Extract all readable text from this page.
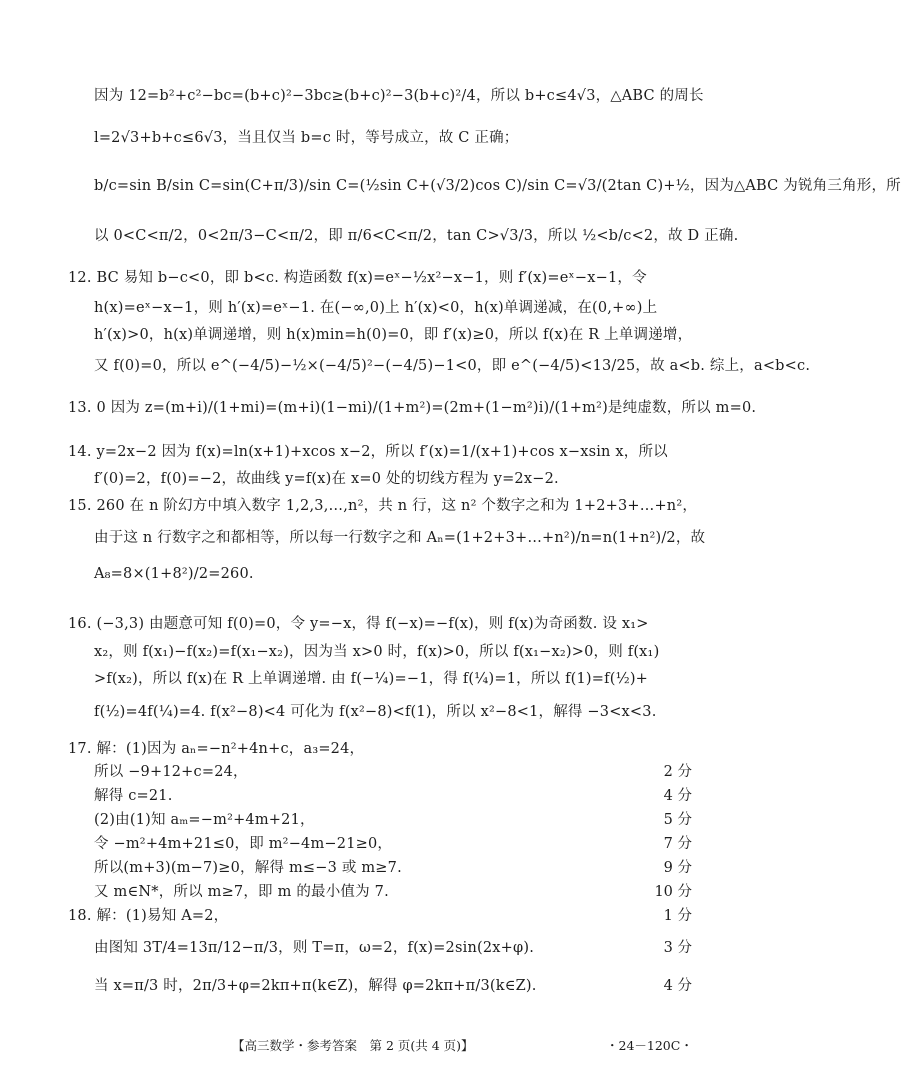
因为 12=b²+c²−bc=(b+c)²−3bc≥(b+c)²−3(b+c)²/4，所以 b+c≤4√3，△ABC 的周长
l=2√3+b+c≤6√3，当且仅当 b=c 时，等号成立，故 C 正确；
b/c=sin B/sin C=sin(C+π/3)/sin C=(½sin C+(√3/2)cos C)/sin C=√3/(2tan C)+½，因为△ABC 为锐角三角形，所
以 0<C<π/2，0<2π/3−C<π/2，即 π/6<C<π/2，tan C>√3/3，所以 ½<b/c<2，故 D 正确.
12. BC 易知 b−c<0，即 b<c. 构造函数 f(x)=eˣ−½x²−x−1，则 f′(x)=eˣ−x−1，令
h(x)=eˣ−x−1，则 h′(x)=eˣ−1. 在(−∞,0)上 h′(x)<0，h(x)单调递减，在(0,+∞)上
h′(x)>0，h(x)单调递增，则 h(x)min=h(0)=0，即 f′(x)≥0，所以 f(x)在 R 上单调递增，
又 f(0)=0，所以 e^(−4/5)−½×(−4/5)²−(−4/5)−1<0，即 e^(−4/5)<13/25，故 a<b. 综上，a<b<c.
13. 0 因为 z=(m+i)/(1+mi)=(m+i)(1−mi)/(1+m²)=(2m+(1−m²)i)/(1+m²)是纯虚数，所以 m=0.
14. y=2x−2 因为 f(x)=ln(x+1)+xcos x−2，所以 f′(x)=1/(x+1)+cos x−xsin x，所以
f′(0)=2，f(0)=−2，故曲线 y=f(x)在 x=0 处的切线方程为 y=2x−2.
15. 260 在 n 阶幻方中填入数字 1,2,3,…,n²，共 n 行，这 n² 个数字之和为 1+2+3+…+n²，
由于这 n 行数字之和都相等，所以每一行数字之和 Aₙ=(1+2+3+…+n²)/n=n(1+n²)/2，故
A₈=8×(1+8²)/2=260.
16. (−3,3) 由题意可知 f(0)=0，令 y=−x，得 f(−x)=−f(x)，则 f(x)为奇函数. 设 x₁>
x₂，则 f(x₁)−f(x₂)=f(x₁−x₂)，因为当 x>0 时，f(x)>0，所以 f(x₁−x₂)>0，则 f(x₁)
>f(x₂)，所以 f(x)在 R 上单调递增. 由 f(−¼)=−1，得 f(¼)=1，所以 f(1)=f(½)+
f(½)=4f(¼)=4. f(x²−8)<4 可化为 f(x²−8)<f(1)，所以 x²−8<1，解得 −3<x<3.
17. 解：(1)因为 aₙ=−n²+4n+c，a₃=24，
所以 −9+12+c=24，
解得 c=21.
(2)由(1)知 aₘ=−m²+4m+21，
令 −m²+4m+21≤0，即 m²−4m−21≥0，
所以(m+3)(m−7)≥0，解得 m≤−3 或 m≥7.
又 m∈N*，所以 m≥7，即 m 的最小值为 7.
18. 解：(1)易知 A=2，
由图知 3T/4=13π/12−π/3，则 T=π，ω=2，f(x)=2sin(2x+φ).
当 x=π/3 时，2π/3+φ=2kπ+π(k∈Z)，解得 φ=2kπ+π/3(k∈Z).
2 分
4 分
5 分
7 分
9 分
10 分
1 分
3 分
4 分
【高三数学・参考答案　第 2 页(共 4 页)】	・24－120C・
